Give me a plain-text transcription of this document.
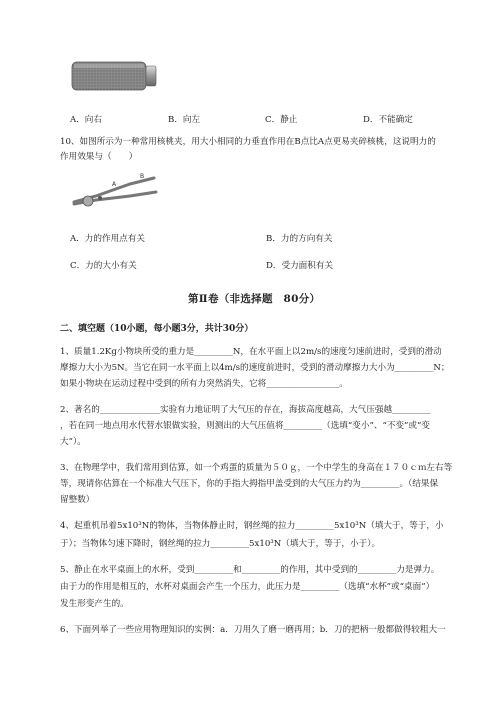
A．向右	B．向左	C．静止	D．不能确定
10、如图所示为一种常用核桃夹，用大小相同的力垂直作用在B点比A点更易夹碎核桃，这说明力的
作用效果与（　　）
A
B
A．力的作用点有关	B．力的方向有关
C．力的大小有关	D．受力面积有关
第Ⅱ卷（非选择题　80分）
二、填空题（10小题，每小题3分，共计30分）
1、质量1.2Kg小物块所受的重力是_________N，在水平面上以2m/s的速度匀速前进时，受到的滑动
摩擦力大小为5N。当它在同一水平面上以4m/s的速度前进时，受到的滑动摩擦力大小为_________N；
如果小物块在运动过程中受到的所有力突然消失，它将_________________。
2、著名的______________实验有力地证明了大气压的存在，海拔高度越高，大气压强越_________
，若在同一地点用水代替水银做实验，则测出的大气压值将_________（选填“变小”、“不变”或“变
大”）。
3、在物理学中，我们常用到估算，如一个鸡蛋的质量为５０ｇ，一个中学生的身高在１７０ｃｍ左右等
等，现请你估算在一个标准大气压下，你的手指大拇指甲盖受到的大气压力约为_________。（结果保
留整数）
4、起重机吊着5x10³N的物体，当物体静止时，钢丝绳的拉力_________5x10³N（填大于，等于，小
于）；当物体匀速下降时，钢丝绳的拉力_________5x10³N（填大于，等于，小于）。
5、静止在水平桌面上的水杯，受到_________和_________的作用，其中受到的_________力是弹力。
由于力的作用是相互的，水杯对桌面会产生一个压力，此压力是_________（选填“水杯”或“桌面”）
发生形变产生的。
6、下面列举了一些应用物理知识的实例：a．刀用久了磨一磨再用；b．刀的把柄一般都做得较粗大一
